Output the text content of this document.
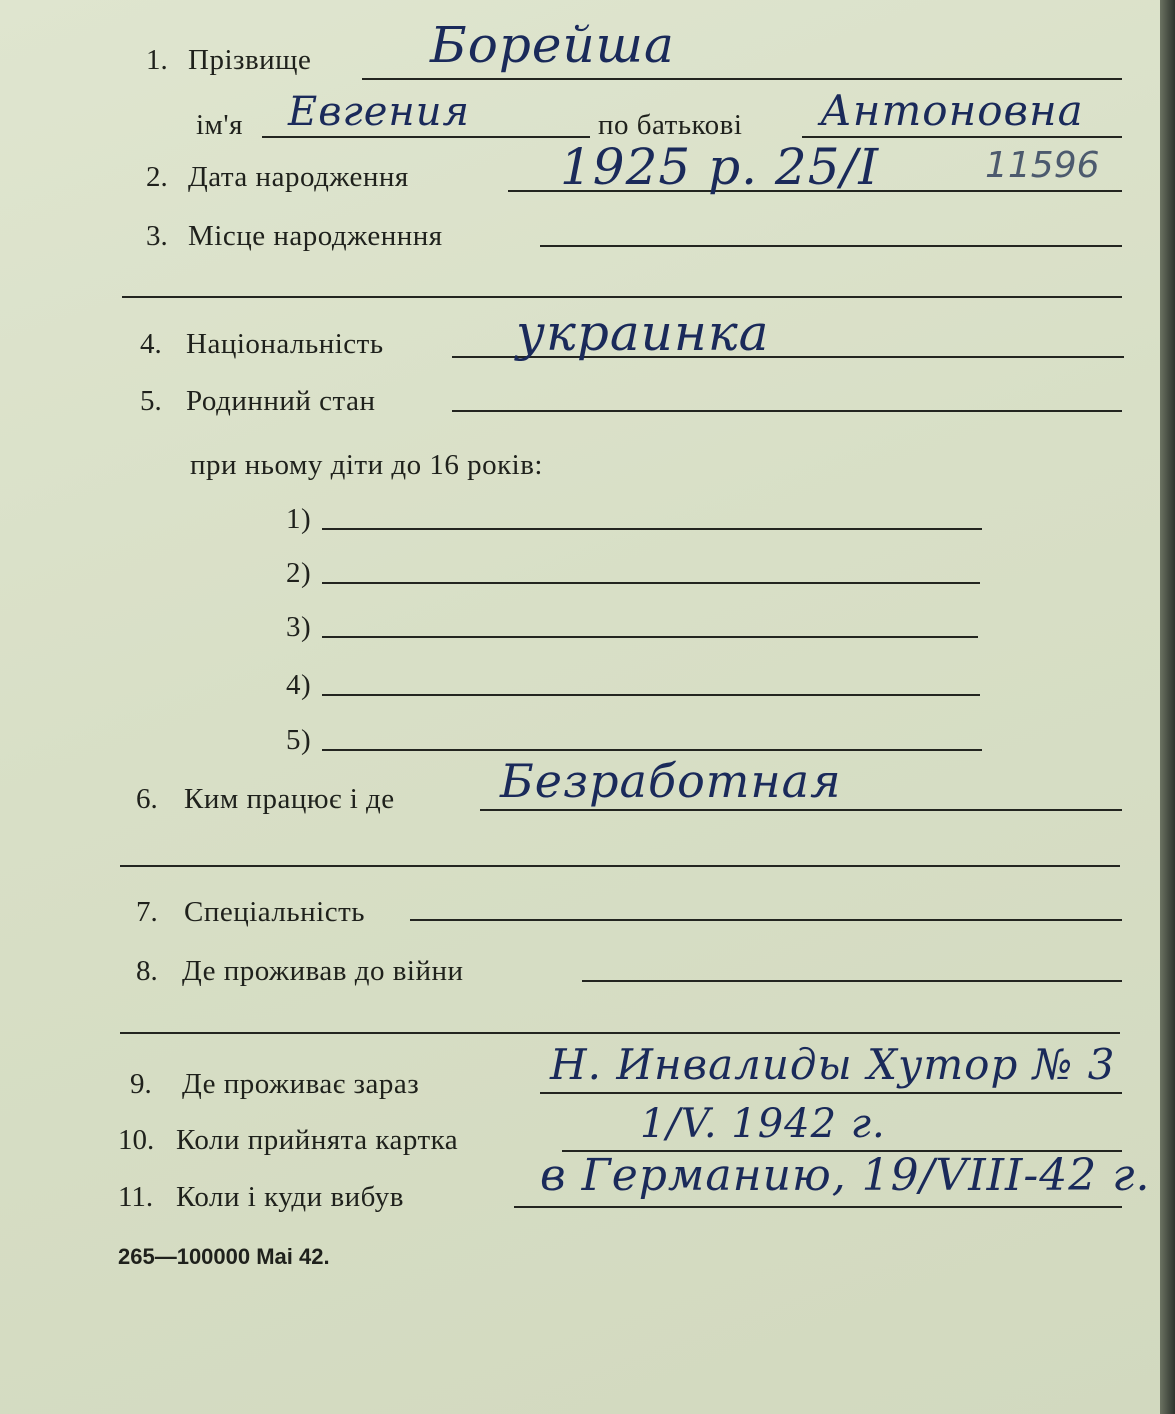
1. Прізвище Борейша
ім'я Евгения	по батькові Антоновна
2. Дата народження	1925 р. 25/I	11596
3. Місце народженння
4. Національність	украинка
5. Родинний стан
при ньому діти до 16 років:
1)
2)
3)
4)
5)
6. Ким працює і де Безработная
7. Спеціальність
8. Де проживав до війни
9. Де проживає зараз	Н. Инвалиды Хутор № 3
10. Коли прийнята картка	1/V. 1942 г.
11. Коли і куди вибув	в Германию, 19/VIII-42 г.
265—100000 Mai 42.
